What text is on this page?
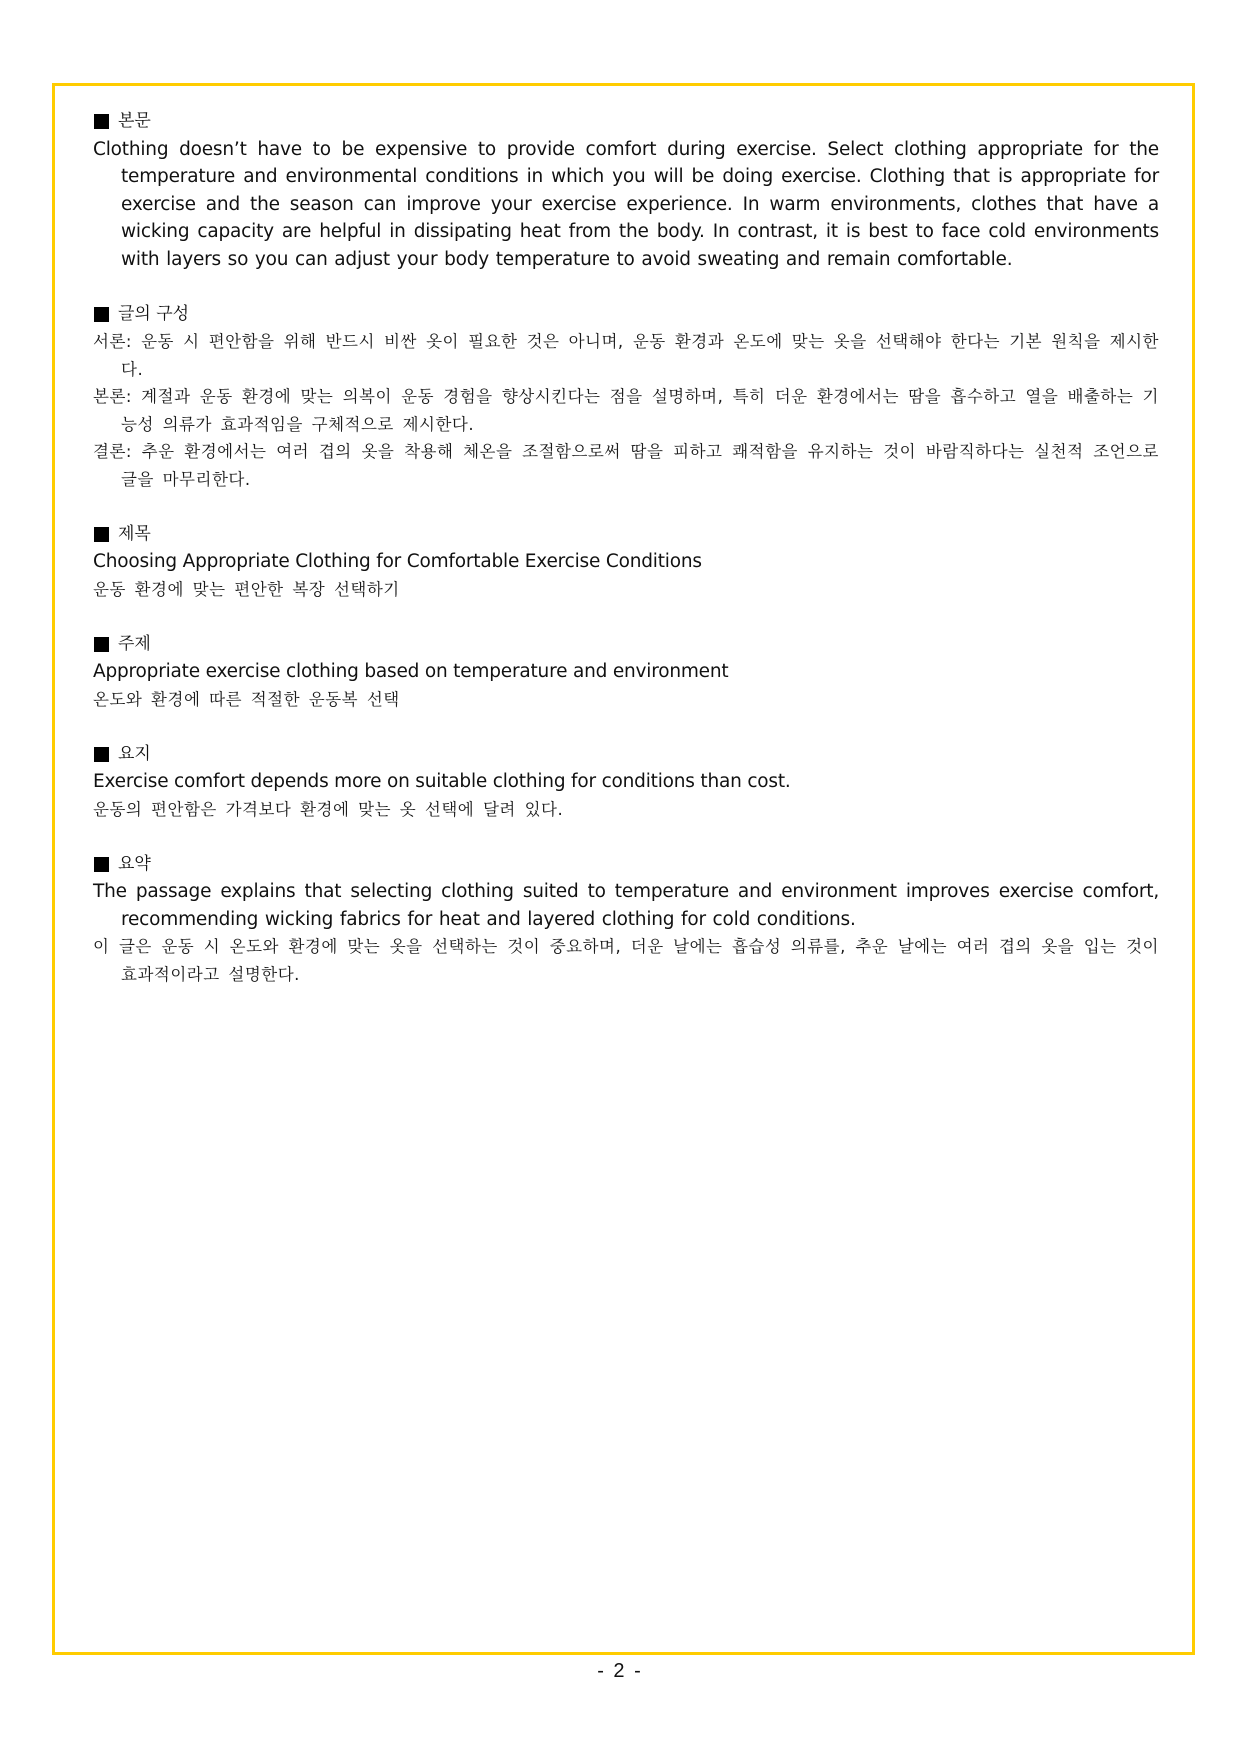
본문

Clothing doesn’t have to be expensive to provide comfort during exercise. Select clothing appropriate for the temperature and environmental conditions in which you will be doing exercise. Clothing that is appropriate for exercise and the season can improve your exercise experience. In warm environments, clothes that have a wicking capacity are helpful in dissipating heat from the body. In contrast, it is best to face cold environments with layers so you can adjust your body temperature to avoid sweating and remain comfortable.

글의 구성

서론: 운동 시 편안함을 위해 반드시 비싼 옷이 필요한 것은 아니며, 운동 환경과 온도에 맞는 옷을 선택해야 한다는 기본 원칙을 제시한다.

본론: 계절과 운동 환경에 맞는 의복이 운동 경험을 향상시킨다는 점을 설명하며, 특히 더운 환경에서는 땀을 흡수하고 열을 배출하는 기능성 의류가 효과적임을 구체적으로 제시한다.

결론: 추운 환경에서는 여러 겹의 옷을 착용해 체온을 조절함으로써 땀을 피하고 쾌적함을 유지하는 것이 바람직하다는 실천적 조언으로 글을 마무리한다.

제목

Choosing Appropriate Clothing for Comfortable Exercise Conditions

운동 환경에 맞는 편안한 복장 선택하기

주제

Appropriate exercise clothing based on temperature and environment

온도와 환경에 따른 적절한 운동복 선택

요지

Exercise comfort depends more on suitable clothing for conditions than cost.

운동의 편안함은 가격보다 환경에 맞는 옷 선택에 달려 있다.

요약

The passage explains that selecting clothing suited to temperature and environment improves exercise comfort, recommending wicking fabrics for heat and layered clothing for cold conditions.

이 글은 운동 시 온도와 환경에 맞는 옷을 선택하는 것이 중요하며, 더운 날에는 흡습성 의류를, 추운 날에는 여러 겹의 옷을 입는 것이 효과적이라고 설명한다.

- 2 -
